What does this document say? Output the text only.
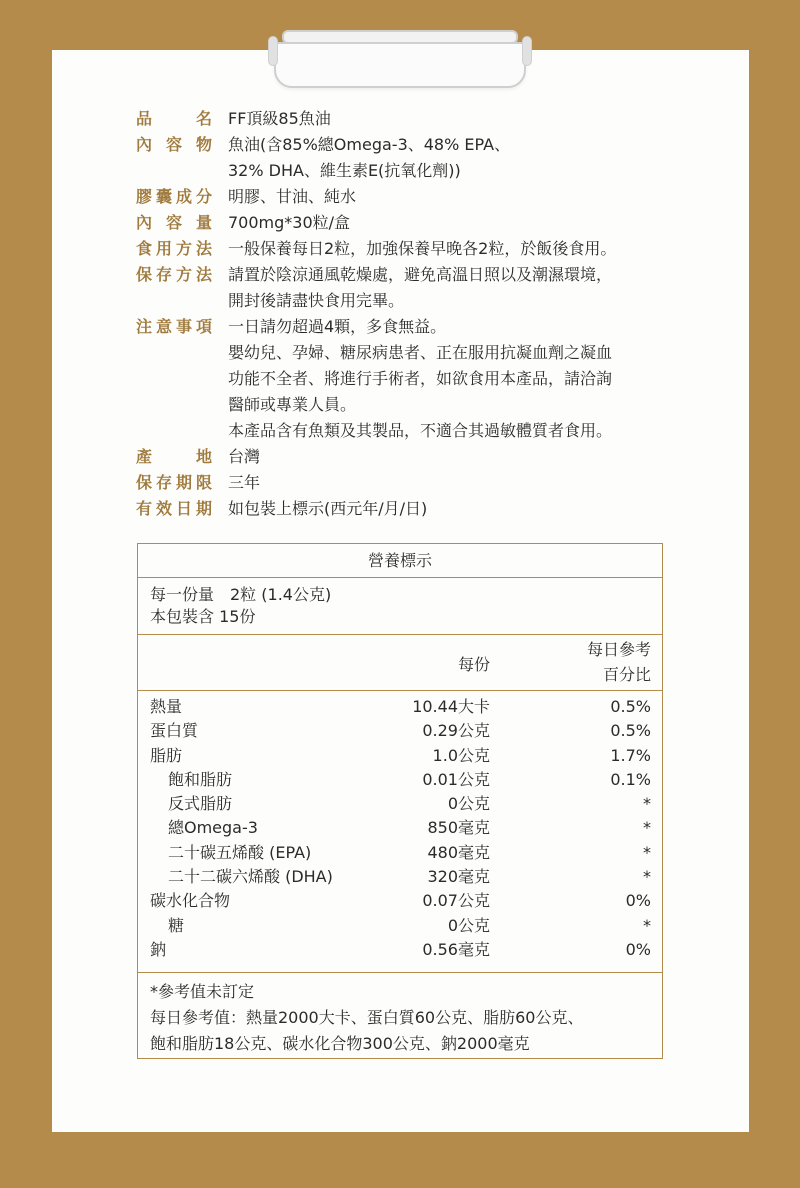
品	名 FF頂級85魚油
內 容 物 魚油(含85%總Omega-3、48% EPA、
32% DHA、維生素E(抗氧化劑))
膠 囊 成 分 明膠、甘油、純水
內 容 量 700mg*30粒/盒
食 用 方 法 一般保養每日2粒，加強保養早晚各2粒，於飯後食用。
保 存 方 法 請置於陰涼通風乾燥處，避免高溫日照以及潮濕環境，
開封後請盡快食用完畢。
注 意 事 項 一日請勿超過4顆，多食無益。
嬰幼兒、孕婦、糖尿病患者、正在服用抗凝血劑之凝血
功能不全者、將進行手術者，如欲食用本產品，請洽詢
醫師或專業人員。
本產品含有魚類及其製品，不適合其過敏體質者食用。
產	地 台灣
保 存 期 限 三年
有 效 日 期 如包裝上標示(西元年/月/日)
營養標示
每一份量　2粒 (1.4公克)
本包裝含 15份
每份
每日參考
百分比
熱量	10.44大卡	0.5%
蛋白質	0.29公克	0.5%
脂肪	1.0公克	1.7%
飽和脂肪	0.01公克	0.1%
反式脂肪	0公克	*
總Omega-3	850毫克	*
二十碳五烯酸 (EPA)	480毫克	*
二十二碳六烯酸 (DHA)	320毫克	*
碳水化合物	0.07公克	0%
糖	0公克	*
鈉	0.56毫克	0%
*參考值未訂定
每日參考值：熱量2000大卡、蛋白質60公克、脂肪60公克、
飽和脂肪18公克、碳水化合物300公克、鈉2000毫克
